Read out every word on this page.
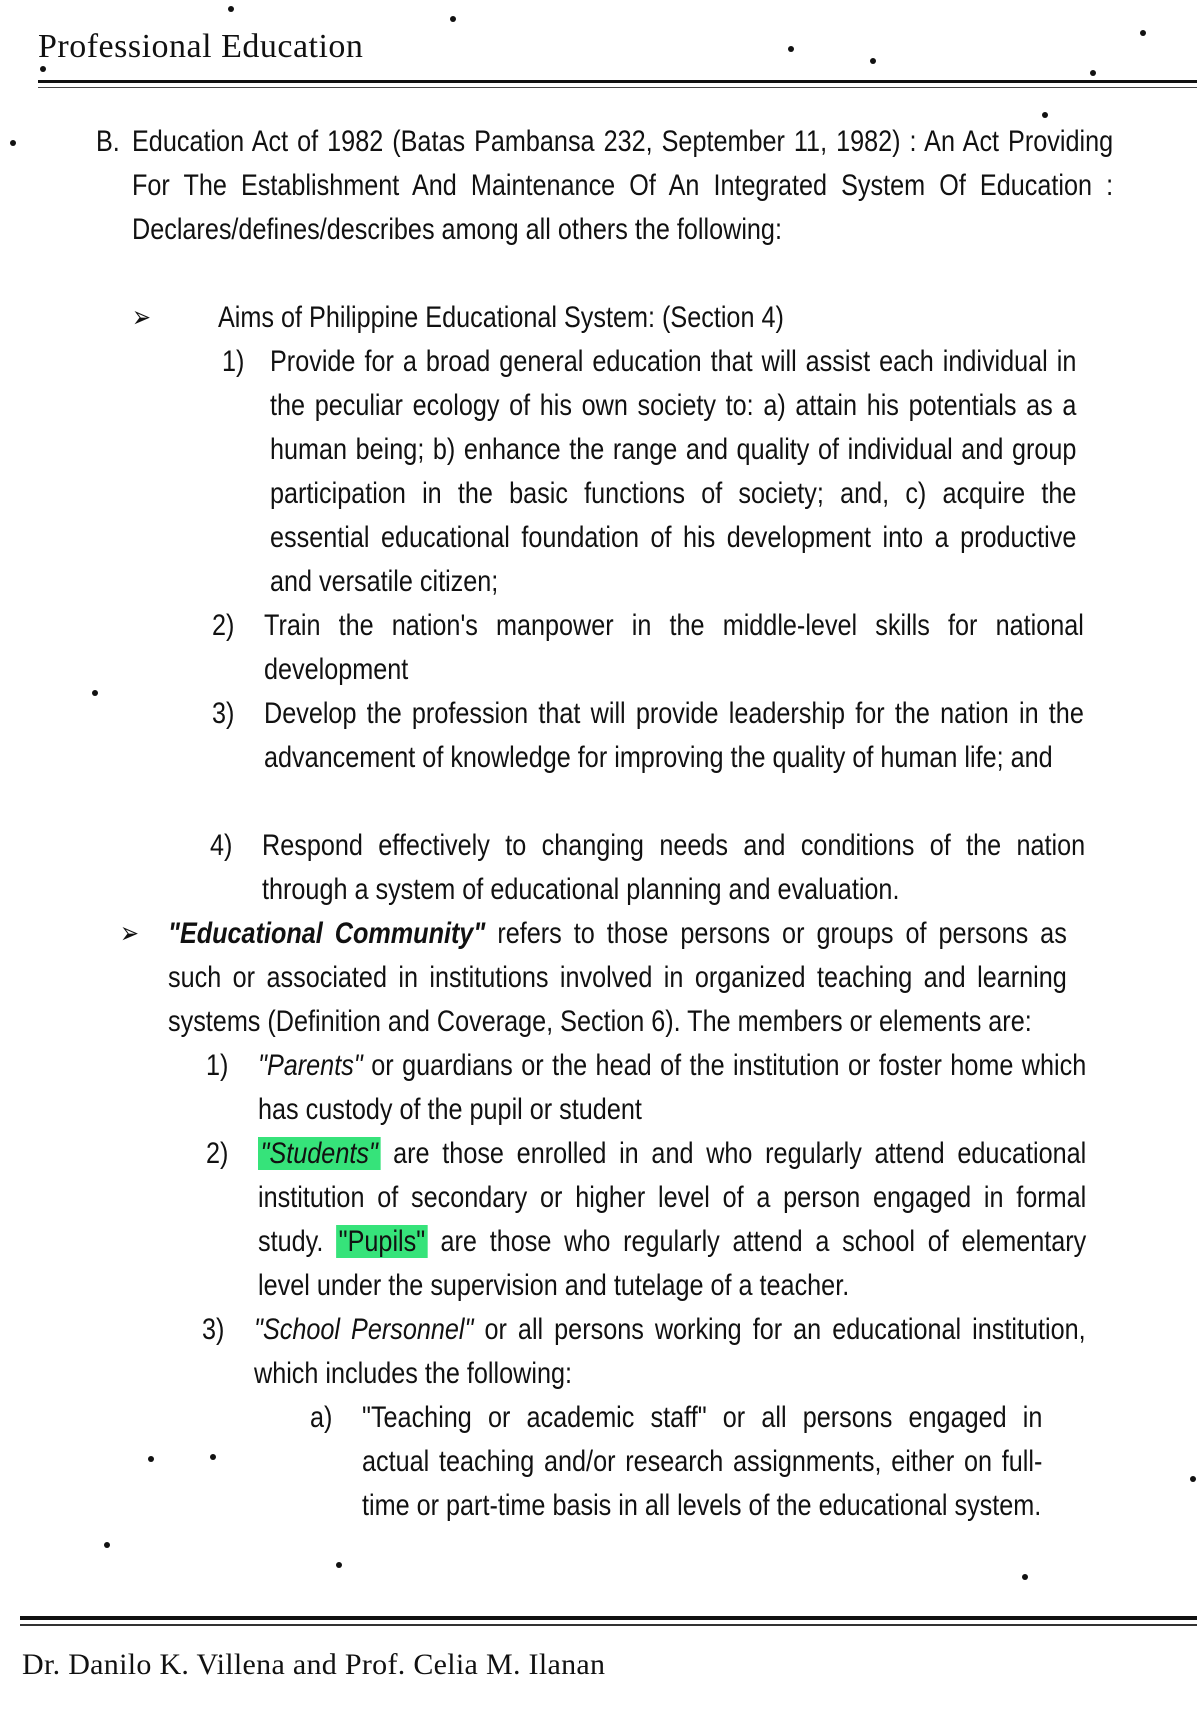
Professional Education
B. Education Act of 1982 (Batas Pambansa 232, September 11, 1982) : An Act Providing For The Establishment And Maintenance Of An Integrated System Of Education : Declares/defines/describes among all others the following:
➢ Aims of Philippine Educational System: (Section 4)
1) Provide for a broad general education that will assist each individual in the peculiar ecology of his own society to: a) attain his potentials as a human being; b) enhance the range and quality of individual and group participation in the basic functions of society; and, c) acquire the essential educational foundation of his development into a productive and versatile citizen;
2) Train the nation's manpower in the middle-level skills for national development
3) Develop the profession that will provide leadership for the nation in the advancement of knowledge for improving the quality of human life; and
4) Respond effectively to changing needs and conditions of the nation through a system of educational planning and evaluation.
➢ "Educational Community" refers to those persons or groups of persons as such or associated in institutions involved in organized teaching and learning systems (Definition and Coverage, Section 6). The members or elements are:
1) "Parents" or guardians or the head of the institution or foster home which has custody of the pupil or student
2) "Students" are those enrolled in and who regularly attend educational institution of secondary or higher level of a person engaged in formal study. "Pupils" are those who regularly attend a school of elementary level under the supervision and tutelage of a teacher.
3) "School Personnel" or all persons working for an educational institution, which includes the following:
a) "Teaching or academic staff" or all persons engaged in actual teaching and/or research assignments, either on full-time or part-time basis in all levels of the educational system.
Dr. Danilo K. Villena and Prof. Celia M. Ilanan
